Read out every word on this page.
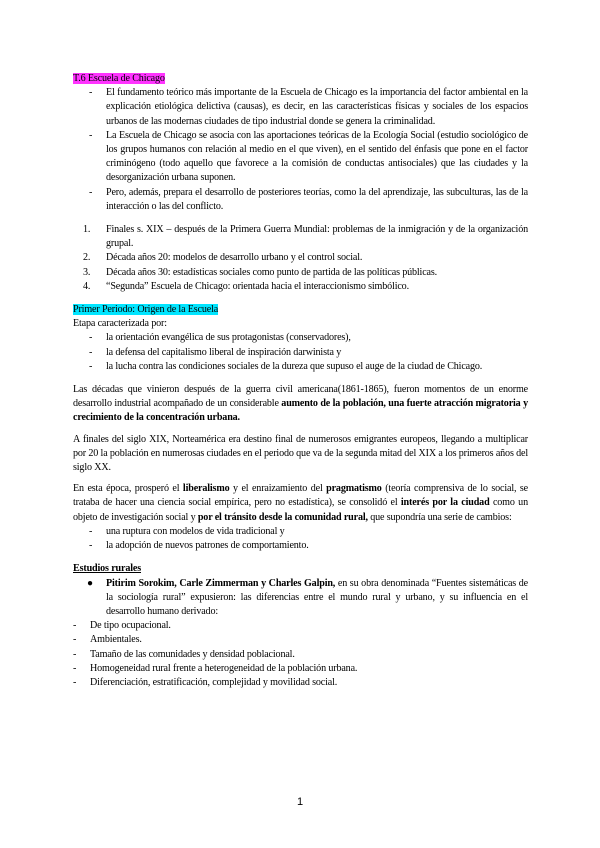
T.6 Escuela de Chicago

- El fundamento teórico más importante de la Escuela de Chicago es la importancia del factor ambiental en la explicación etiológica delictiva (causas), es decir, en las características físicas y sociales de los espacios urbanos de las modernas ciudades de tipo industrial donde se genera la criminalidad.
- La Escuela de Chicago se asocia con las aportaciones teóricas de la Ecología Social (estudio sociológico de los grupos humanos con relación al medio en el que viven), en el sentido del énfasis que pone en el factor criminógeno (todo aquello que favorece a la comisión de conductas antisociales) que las ciudades y la desorganización urbana suponen.
- Pero, además, prepara el desarrollo de posteriores teorías, como la del aprendizaje, las subculturas, las de la interacción o las del conflicto.
1. Finales s. XIX – después de la Primera Guerra Mundial: problemas de la inmigración y de la organización grupal.
2. Década años 20: modelos de desarrollo urbano y el control social.
3. Década años 30: estadísticas sociales como punto de partida de las políticas públicas.
4. “Segunda” Escuela de Chicago: orientada hacia el interaccionismo simbólico.

Primer Periodo: Origen de la Escuela

Etapa caracterizada por:

- la orientación evangélica de sus protagonistas (conservadores),
- la defensa del capitalismo liberal de inspiración darwinista y
- la lucha contra las condiciones sociales de la dureza que supuso el auge de la ciudad de Chicago.

Las décadas que vinieron después de la guerra civil americana(1861-1865), fueron momentos de un enorme desarrollo industrial acompañado de un considerable aumento de la población, una fuerte atracción migratoria y crecimiento de la concentración urbana.

A finales del siglo XIX, Norteamérica era destino final de numerosos emigrantes europeos, llegando a multiplicar por 20 la población en numerosas ciudades en el periodo que va de la segunda mitad del XIX a los primeros años del siglo XX.

En esta época, prosperó el liberalismo y el enraizamiento del pragmatismo (teoría comprensiva de lo social, se trataba de hacer una ciencia social empírica, pero no estadística), se consolidó el interés por la ciudad como un objeto de investigación social y por el tránsito desde la comunidad rural, que supondría una serie de cambios:

- una ruptura con modelos de vida tradicional y
- la adopción de nuevos patrones de comportamiento.

Estudios rurales

● Pitirim Sorokim, Carle Zimmerman y Charles Galpin, en su obra denominada “Fuentes sistemáticas de la sociología rural” expusieron: las diferencias entre el mundo rural y urbano, y su influencia en el desarrollo humano derivado:
- De tipo ocupacional.
- Ambientales.
- Tamaño de las comunidades y densidad poblacional.
- Homogeneidad rural frente a heterogeneidad de la población urbana.
- Diferenciación, estratificación, complejidad y movilidad social.
1
